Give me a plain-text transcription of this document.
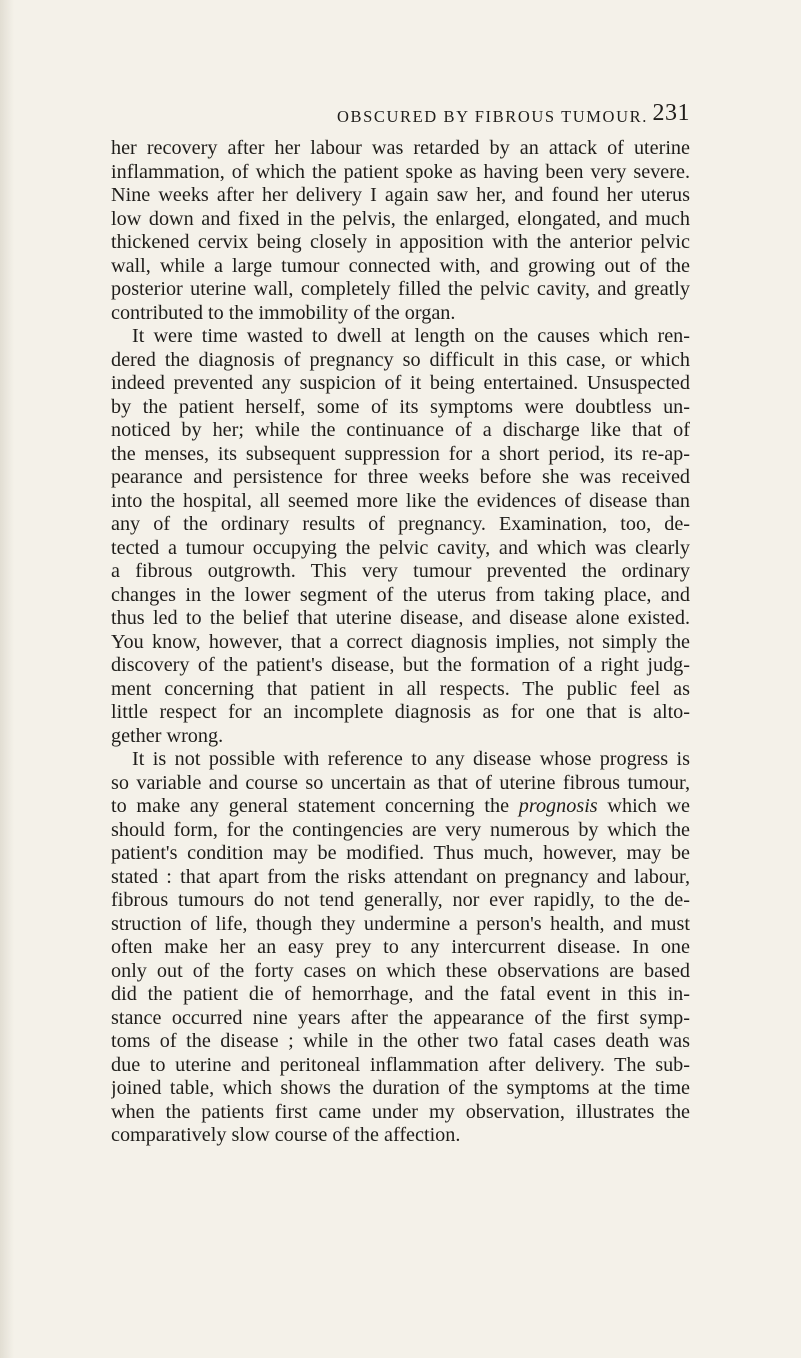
OBSCURED BY FIBROUS TUMOUR. 231
her recovery after her labour was retarded by an attack of uterine
inflammation, of which the patient spoke as having been very severe.
Nine weeks after her delivery I again saw her, and found her uterus
low down and fixed in the pelvis, the enlarged, elongated, and much
thickened cervix being closely in apposition with the anterior pelvic
wall, while a large tumour connected with, and growing out of the
posterior uterine wall, completely filled the pelvic cavity, and greatly
contributed to the immobility of the organ.
It were time wasted to dwell at length on the causes which ren-
dered the diagnosis of pregnancy so difficult in this case, or which
indeed prevented any suspicion of it being entertained. Unsuspected
by the patient herself, some of its symptoms were doubtless un-
noticed by her; while the continuance of a discharge like that of
the menses, its subsequent suppression for a short period, its re-ap-
pearance and persistence for three weeks before she was received
into the hospital, all seemed more like the evidences of disease than
any of the ordinary results of pregnancy. Examination, too, de-
tected a tumour occupying the pelvic cavity, and which was clearly
a fibrous outgrowth. This very tumour prevented the ordinary
changes in the lower segment of the uterus from taking place, and
thus led to the belief that uterine disease, and disease alone existed.
You know, however, that a correct diagnosis implies, not simply the
discovery of the patient's disease, but the formation of a right judg-
ment concerning that patient in all respects. The public feel as
little respect for an incomplete diagnosis as for one that is alto-
gether wrong.
It is not possible with reference to any disease whose progress is
so variable and course so uncertain as that of uterine fibrous tumour,
to make any general statement concerning the prognosis which we
should form, for the contingencies are very numerous by which the
patient's condition may be modified. Thus much, however, may be
stated : that apart from the risks attendant on pregnancy and labour,
fibrous tumours do not tend generally, nor ever rapidly, to the de-
struction of life, though they undermine a person's health, and must
often make her an easy prey to any intercurrent disease. In one
only out of the forty cases on which these observations are based
did the patient die of hemorrhage, and the fatal event in this in-
stance occurred nine years after the appearance of the first symp-
toms of the disease ; while in the other two fatal cases death was
due to uterine and peritoneal inflammation after delivery. The sub-
joined table, which shows the duration of the symptoms at the time
when the patients first came under my observation, illustrates the
comparatively slow course of the affection.
